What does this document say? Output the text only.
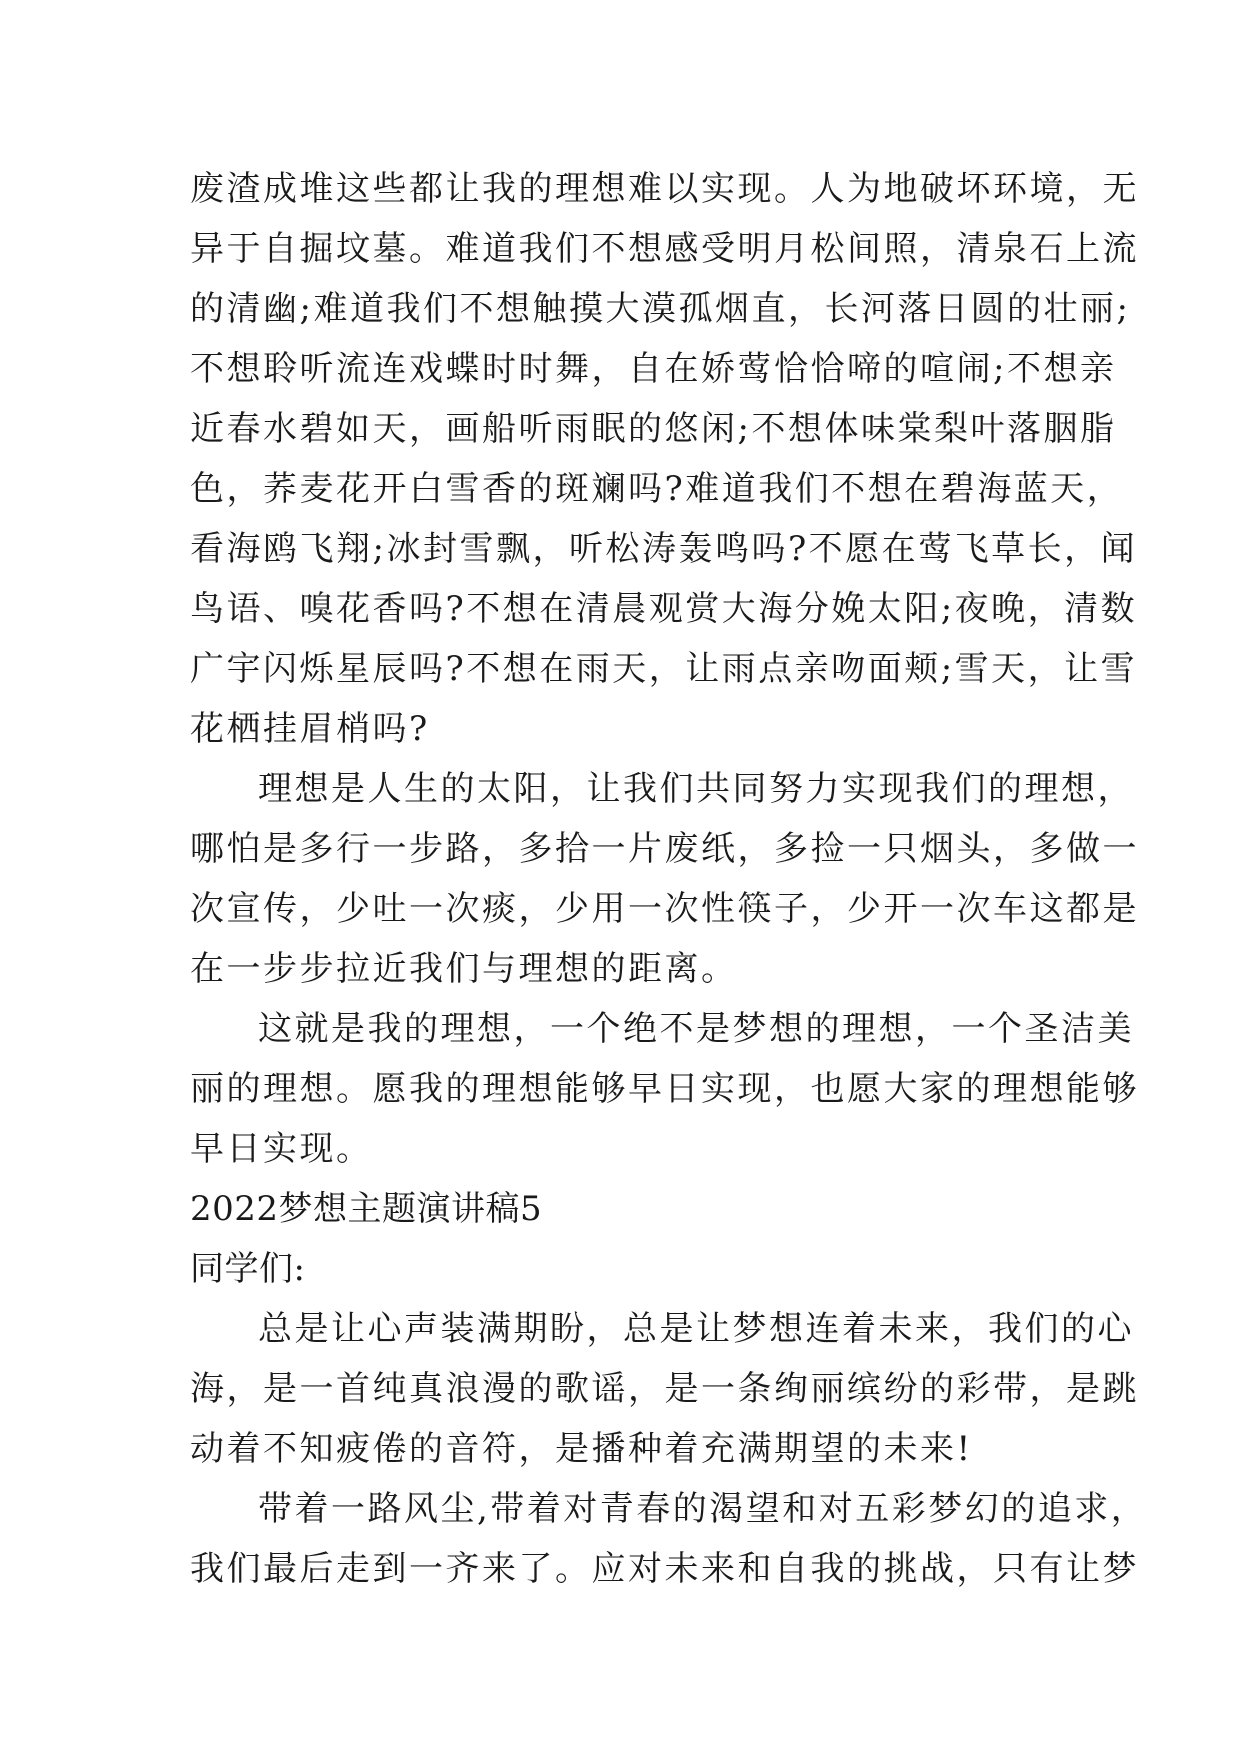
废渣成堆这些都让我的理想难以实现。人为地破坏环境，无
异于自掘坟墓。难道我们不想感受明月松间照，清泉石上流
的清幽;难道我们不想触摸大漠孤烟直，长河落日圆的壮丽;
不想聆听流连戏蝶时时舞，自在娇莺恰恰啼的喧闹;不想亲
近春水碧如天，画船听雨眠的悠闲;不想体味棠梨叶落胭脂
色，荞麦花开白雪香的斑斓吗?难道我们不想在碧海蓝天，
看海鸥飞翔;冰封雪飘，听松涛轰鸣吗?不愿在莺飞草长，闻
鸟语、嗅花香吗?不想在清晨观赏大海分娩太阳;夜晚，清数
广宇闪烁星辰吗?不想在雨天，让雨点亲吻面颊;雪天，让雪
花栖挂眉梢吗?
理想是人生的太阳，让我们共同努力实现我们的理想，
哪怕是多行一步路，多拾一片废纸，多捡一只烟头，多做一
次宣传，少吐一次痰，少用一次性筷子，少开一次车这都是
在一步步拉近我们与理想的距离。
这就是我的理想，一个绝不是梦想的理想，一个圣洁美
丽的理想。愿我的理想能够早日实现，也愿大家的理想能够
早日实现。
2022梦想主题演讲稿5
同学们:
总是让心声装满期盼，总是让梦想连着未来，我们的心
海，是一首纯真浪漫的歌谣，是一条绚丽缤纷的彩带，是跳
动着不知疲倦的音符，是播种着充满期望的未来!
带着一路风尘,带着对青春的渴望和对五彩梦幻的追求，
我们最后走到一齐来了。应对未来和自我的挑战，只有让梦
